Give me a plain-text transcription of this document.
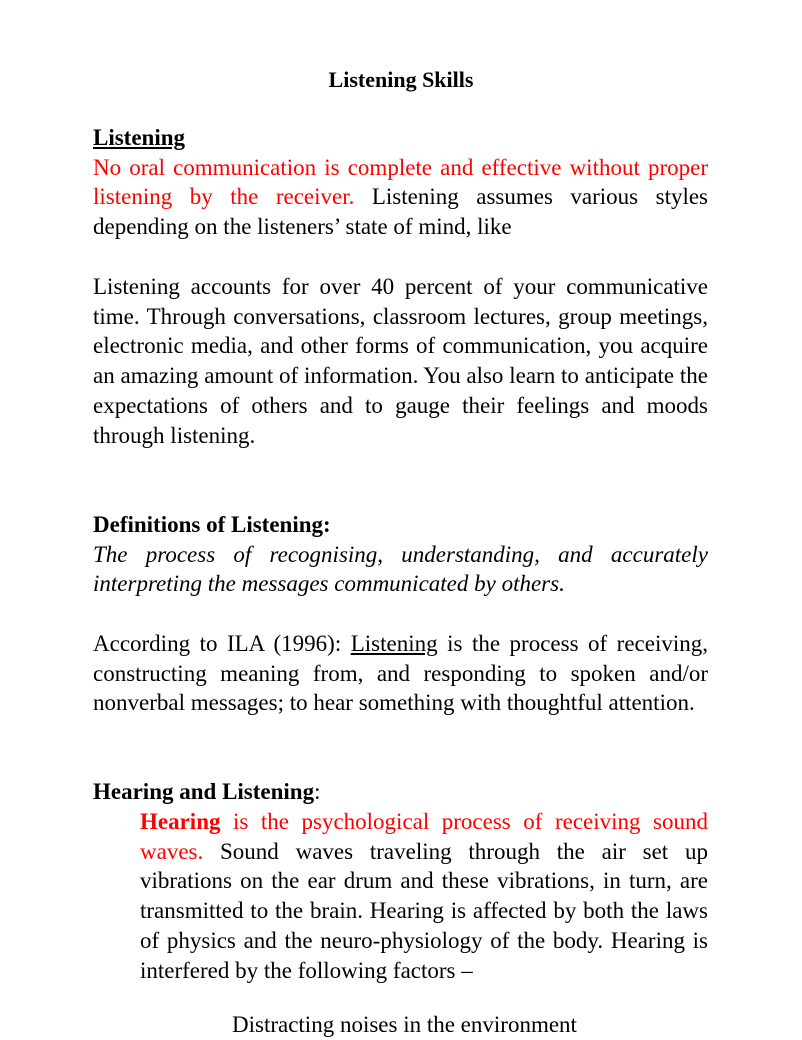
Listening Skills
Listening
No oral communication is complete and effective without proper listening by the receiver. Listening assumes various styles depending on the listeners’ state of mind, like

Listening accounts for over 40 percent of your communicative time. Through conversations, classroom lectures, group meetings, electronic media, and other forms of communication, you acquire an amazing amount of information. You also learn to anticipate the expectations of others and to gauge their feelings and moods through listening.

Definitions of Listening:
The process of recognising, understanding, and accurately interpreting the messages communicated by others.

According to ILA (1996): Listening is the process of receiving, constructing meaning from, and responding to spoken and/or nonverbal messages; to hear something with thoughtful attention.

Hearing and Listening:

Hearing is the psychological process of receiving sound waves. Sound waves traveling through the air set up vibrations on the ear drum and these vibrations, in turn, are transmitted to the brain. Hearing is affected by both the laws of physics and the neuro-physiology of the body. Hearing is interfered by the following factors –

Distracting noises in the environment
